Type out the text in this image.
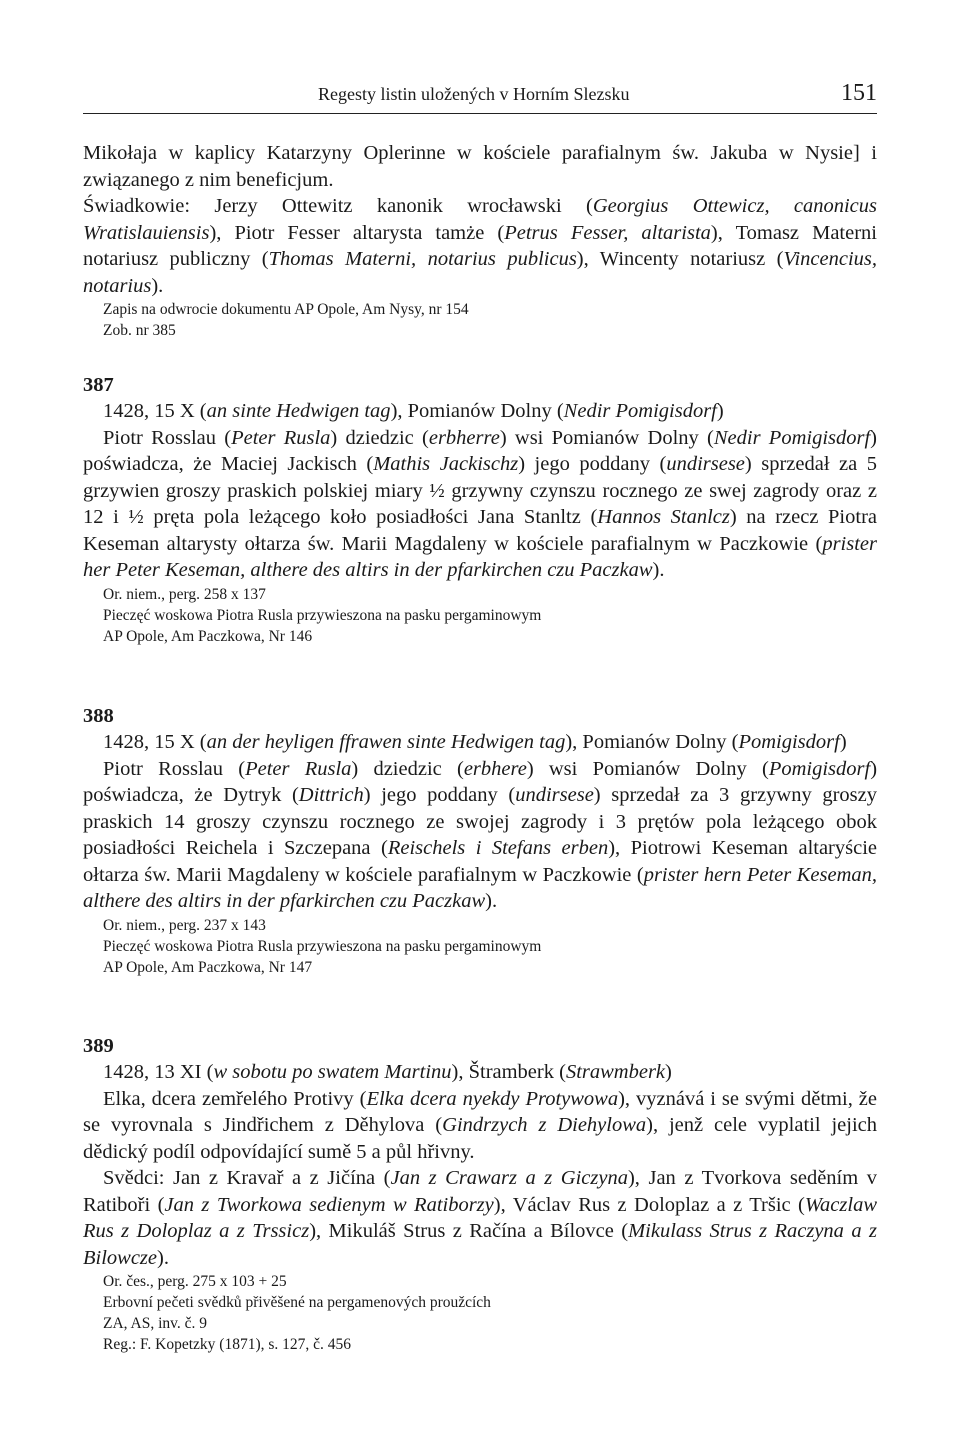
Regesty listin uložených v Horním Slezsku	151

Mikołaja w kaplicy Katarzyny Oplerinne w kościele parafialnym św. Jakuba w Nysie] i związanego z nim beneficjum.

Świadkowie: Jerzy Ottewitz kanonik wrocławski (Georgius Ottewicz, canonicus Wratislauiensis), Piotr Fesser altarysta tamże (Petrus Fesser, altarista), Tomasz Materni notariusz publiczny (Thomas Materni, notarius publicus), Wincenty notariusz (Vincencius, notarius).

Zapis na odwrocie dokumentu AP Opole, Am Nysy, nr 154

Zob. nr 385

387

1428, 15 X (an sinte Hedwigen tag), Pomianów Dolny (Nedir Pomigisdorf)

Piotr Rosslau (Peter Rusla) dziedzic (erbherre) wsi Pomianów Dolny (Nedir Pomigisdorf) poświadcza, że Maciej Jackisch (Mathis Jackischz) jego poddany (undirsese) sprzedał za 5 grzywien groszy praskich polskiej miary ½ grzywny czynszu rocznego ze swej zagrody oraz z 12 i ½ pręta pola leżącego koło posiadłości Jana Stanltz (Hannos Stanlcz) na rzecz Piotra Keseman altarysty ołtarza św. Marii Magdaleny w kościele parafialnym w Paczkowie (prister her Peter Keseman, althere des altirs in der pfarkirchen czu Paczkaw).

Or. niem., perg. 258 x 137

Pieczęć woskowa Piotra Rusla przywieszona na pasku pergaminowym

AP Opole, Am Paczkowa, Nr 146

388

1428, 15 X (an der heyligen ffrawen sinte Hedwigen tag), Pomianów Dolny (Pomigisdorf)

Piotr Rosslau (Peter Rusla) dziedzic (erbhere) wsi Pomianów Dolny (Pomigisdorf) poświadcza, że Dytryk (Dittrich) jego poddany (undirsese) sprzedał za 3 grzywny groszy praskich 14 groszy czynszu rocznego ze swojej zagrody i 3 prętów pola leżącego obok posiadłości Reichela i Szczepana (Reischels i Stefans erben), Piotrowi Keseman altaryście ołtarza św. Marii Magdaleny w kościele parafialnym w Paczkowie (prister hern Peter Keseman, althere des altirs in der pfarkirchen czu Paczkaw).

Or. niem., perg. 237 x 143

Pieczęć woskowa Piotra Rusla przywieszona na pasku pergaminowym

AP Opole, Am Paczkowa, Nr 147

389

1428, 13 XI (w sobotu po swatem Martinu), Štramberk (Strawmberk)

Elka, dcera zemřelého Protivy (Elka dcera nyekdy Protywowa), vyznává i se svými dětmi, že se vyrovnala s Jindřichem z Děhylova (Gindrzych z Diehylowa), jenž cele vyplatil jejich dědický podíl odpovídající sumě 5 a půl hřivny.

Svědci: Jan z Kravař a z Jičína (Jan z Crawarz a z Giczyna), Jan z Tvorkova seděním v Ratiboři (Jan z Tworkowa sedienym w Ratiborzy), Václav Rus z Doloplaz a z Tršic (Waczlaw Rus z Doloplaz a z Trssicz), Mikuláš Strus z Račína a Bílovce (Mikulass Strus z Raczyna a z Bilowcze).

Or. čes., perg. 275 x 103 + 25

Erbovní pečeti svědků přivěšené na pergamenových proužcích

ZA, AS, inv. č. 9

Reg.: F. Kopetzky (1871), s. 127, č. 456
